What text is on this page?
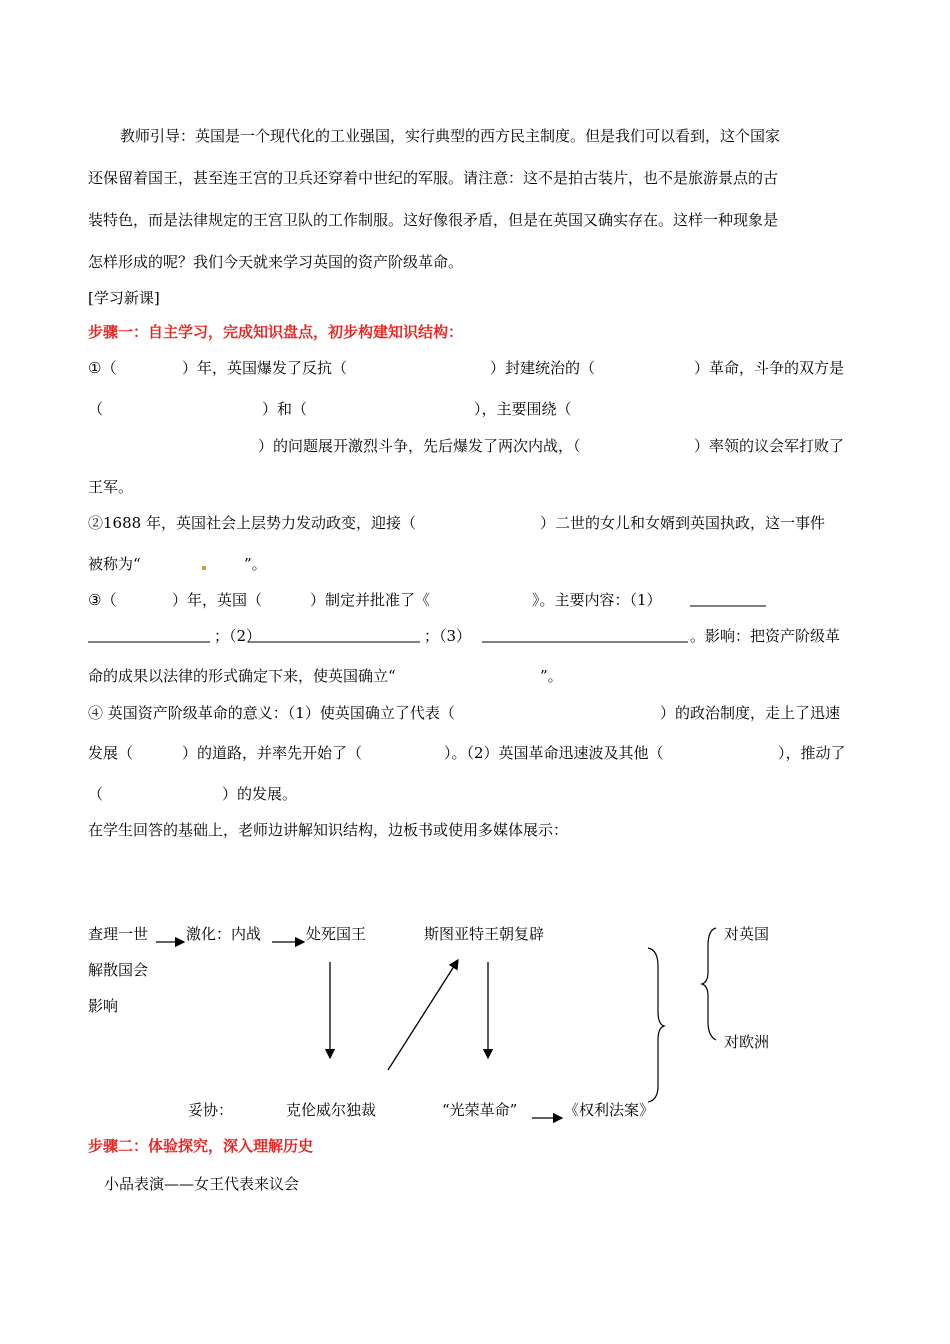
教师引导：英国是一个现代化的工业强国，实行典型的西方民主制度。但是我们可以看到，这个国家
还保留着国王，甚至连王宫的卫兵还穿着中世纪的军服。请注意：这不是拍古装片，也不是旅游景点的古
装特色，而是法律规定的王宫卫队的工作制服。这好像很矛盾，但是在英国又确实存在。这样一种现象是
怎样形成的呢？我们今天就来学习英国的资产阶级革命。
[学习新课]
步骤一：自主学习，完成知识盘点，初步构建知识结构：
①（	）年，英国爆发了反抗（	）封建统治的（	）革命，斗争的双方是
（	）和（	），主要围绕（
）的问题展开激烈斗争，先后爆发了两次内战，（	）率领的议会军打败了
王军。
②1688 年，英国社会上层势力发动政变，迎接（	）二世的女儿和女婿到英国执政，这一事件
被称为“	”。
③（	）年，英国（	）制定并批准了《	》。主要内容：（1）
；（2）	；（3）	。影响：把资产阶级革
命的成果以法律的形式确定下来，使英国确立“	”。
④ 英国资产阶级革命的意义：（1）使英国确立了代表（	）的政治制度，走上了迅速
发展（	）的道路，并率先开始了（	）。（2）英国革命迅速波及其他（	），推动了
（	）的发展。
在学生回答的基础上，老师边讲解知识结构，边板书或使用多媒体展示：
查理一世	激化：内战	处死国王	斯图亚特王朝复辟	对英国
解散国会
影响
对欧洲
妥协：	克伦威尔独裁	“光荣革命”	《权利法案》
步骤二：体验探究，深入理解历史
小品表演——女王代表来议会
